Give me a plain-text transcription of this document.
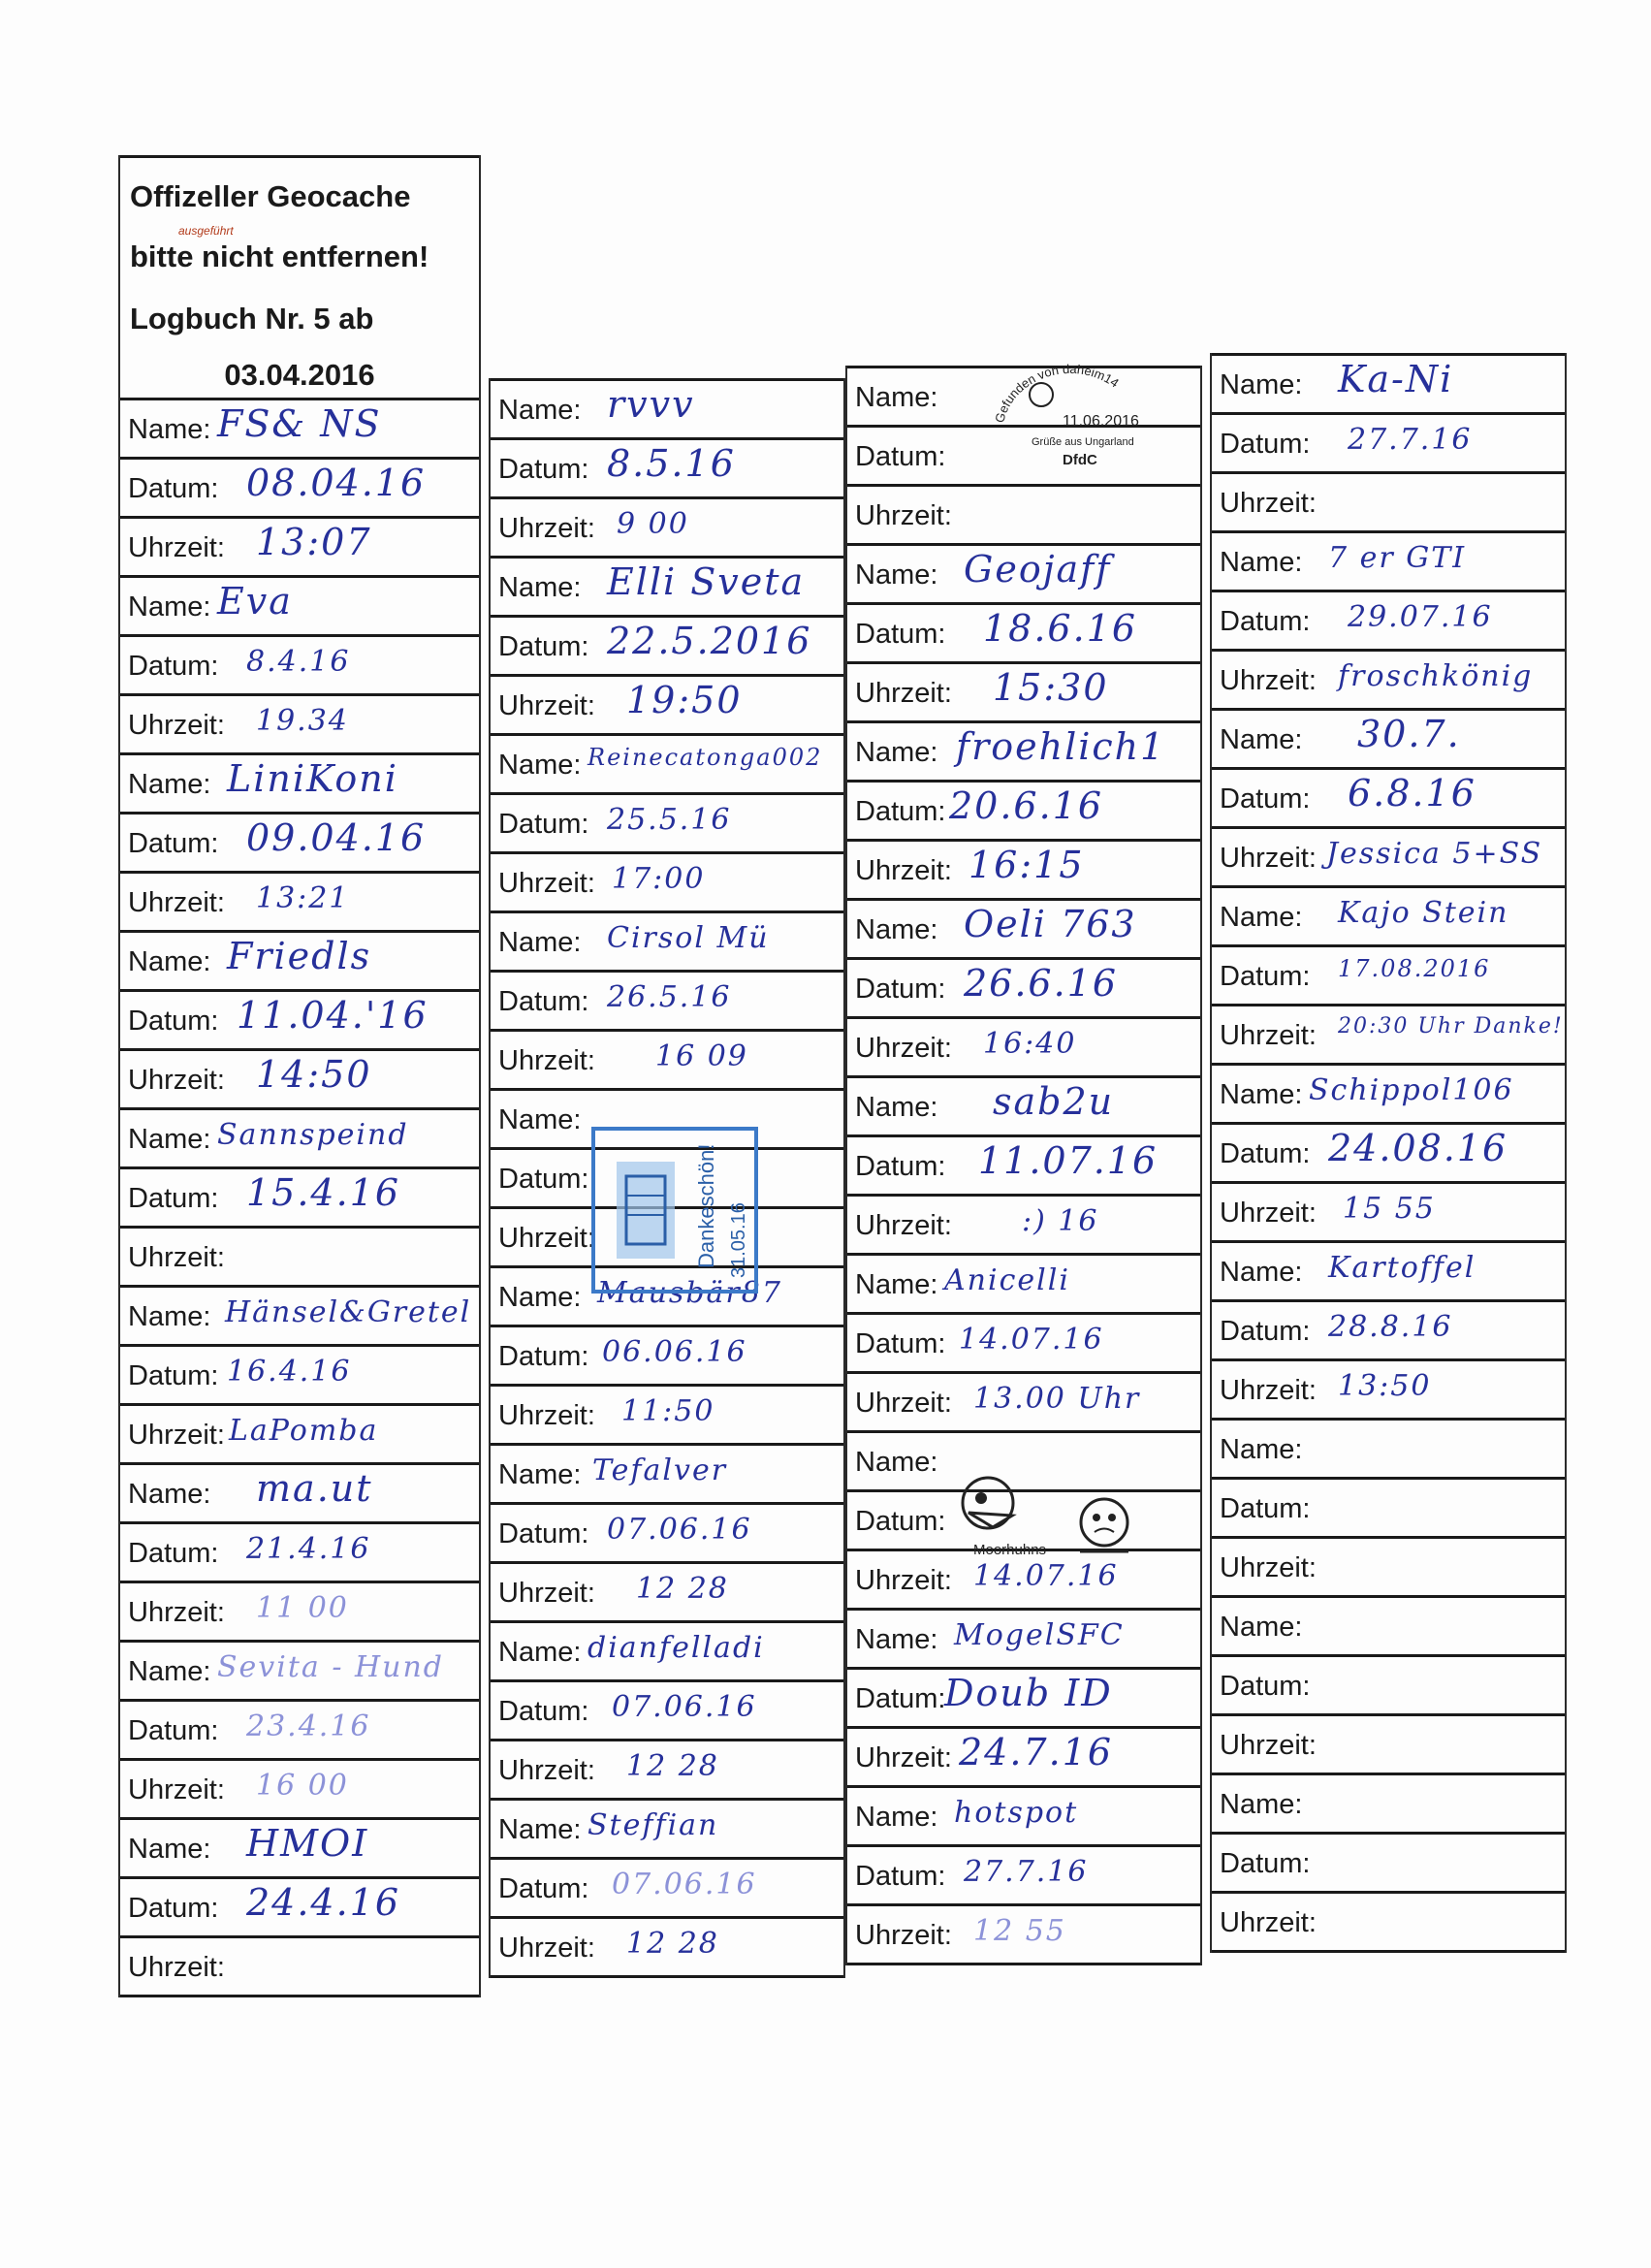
Offizeller Geocache
ausgeführt
bitte nicht entfernen!
Logbuch Nr. 5 ab
03.04.2016
Name: FS& NS
Datum: 08.04.16
Uhrzeit: 13:07
Name: Eva
Datum: 8.4.16
Uhrzeit: 19.34
Name: LiniKoni
Datum: 09.04.16
Uhrzeit: 13:21
Name: Friedls
Datum: 11.04.'16
Uhrzeit: 14:50
Name: Sannspeind
Datum: 15.4.16
Uhrzeit:
Name: Hänsel&Gretel
Datum: 16.4.16
Uhrzeit: LaPomba
Name: ma.ut
Datum: 21.4.16
Uhrzeit: 11 00
Name: Sevita - Hund
Datum: 23.4.16
Uhrzeit: 16 00
Name: HMOI
Datum: 24.4.16
Uhrzeit:
Name: rvvv
Datum: 8.5.16
Uhrzeit: 9 00
Name: Elli Sveta
Datum: 22.5.2016
Uhrzeit: 19:50
Name: Reinecatonga002
Datum: 25.5.16
Uhrzeit: 17:00
Name: Cirsol Mü
Datum: 26.5.16
Uhrzeit: 16 09
Name:
Datum:
Uhrzeit:
Name: Mausbär87
Datum: 06.06.16
Uhrzeit: 11:50
Name: Tefalver
Datum: 07.06.16
Uhrzeit: 12 28
Name: dianfelladi
Datum: 07.06.16
Uhrzeit: 12 28
Name: Steffian
Datum: 07.06.16
Uhrzeit: 12 28
Dankeschön! 31.05.16
Name:
Datum:
Uhrzeit:
Name: Geojaff
Datum: 18.6.16
Uhrzeit: 15:30
Name: froehlich1
Datum: 20.6.16
Uhrzeit: 16:15
Name: Oeli 763
Datum: 26.6.16
Uhrzeit: 16:40
Name: sab2u
Datum: 11.07.16
Uhrzeit: :) 16
Name: Anicelli
Datum: 14.07.16
Uhrzeit: 13.00 Uhr
Name:
Datum:
Uhrzeit: 14.07.16
Name: MogelSFC
Datum:
Doub ID
Uhrzeit: 24.7.16
Name: hotspot
Datum: 27.7.16
Uhrzeit: 12 55
Gefunden von daheim14
11.06.2016
Grüße aus Ungarland
DfdC
Moorhuhns
Name: Ka-Ni
Datum: 27.7.16
Uhrzeit:
Name: 7 er GTI
Datum: 29.07.16
Uhrzeit: froschkönig
Name: 30.7.
Datum: 6.8.16
Uhrzeit: Jessica 5+SS
Name: Kajo Stein
Datum: 17.08.2016
Uhrzeit: 20:30 Uhr Danke!
Name: Schippol106
Datum: 24.08.16
Uhrzeit: 15 55
Name: Kartoffel
Datum: 28.8.16
Uhrzeit: 13:50
Name:
Datum:
Uhrzeit:
Name:
Datum:
Uhrzeit:
Name:
Datum:
Uhrzeit:
